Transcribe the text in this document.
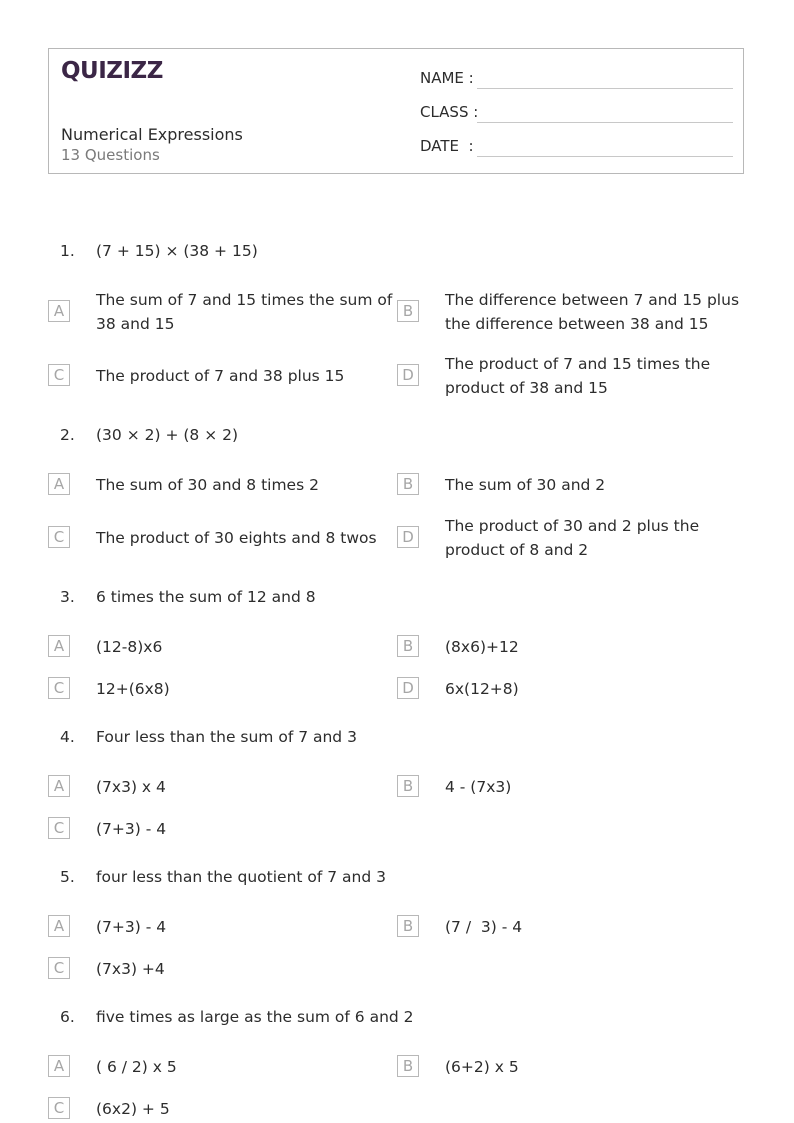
QUIZIZZ
Numerical Expressions
13 Questions
NAME :
CLASS :
DATE  :
1. (7 + 15) × (38 + 15)
A
The sum of 7 and 15 times the sum of 38 and 15
B
The difference between 7 and 15 plus the difference between 38 and 15
C	The product of 7 and 38 plus 15	D
The product of 7 and 15 times the product of 38 and 15
2. (30 × 2) + (8 × 2)
A	The sum of 30 and 8 times 2	B	The sum of 30 and 2
C	The product of 30 eights and 8 twos	D
The product of 30 and 2 plus the product of 8 and 2
3. 6 times the sum of 12 and 8
A	(12-8)x6	B	(8x6)+12
C	12+(6x8)	D	6x(12+8)
4. Four less than the sum of 7 and 3
A	(7x3) x 4	B	4 - (7x3)
C	(7+3) - 4
5. four less than the quotient of 7 and 3
A	(7+3) - 4	B	(7 /  3) - 4
C	(7x3) +4
6. five times as large as the sum of 6 and 2
A	( 6 / 2) x 5	B	(6+2) x 5
C	(6x2) + 5
